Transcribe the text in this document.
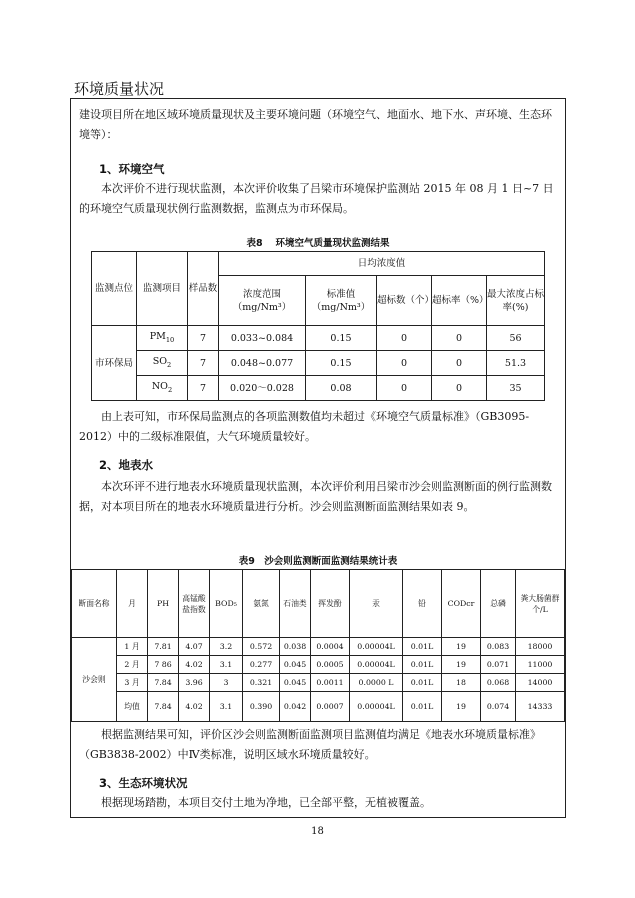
环境质量状况
建设项目所在地区域环境质量现状及主要环境问题（环境空气、地面水、地下水、声环境、生态环境等）：
1、环境空气
本次评价不进行现状监测，本次评价收集了吕梁市环境保护监测站 2015 年 08 月 1 日~7 日的环境空气质量现状例行监测数据，监测点为市环保局。
表8　 环境空气质量现状监测结果
监测点位	监测项目	样品数	日均浓度值				
			浓度范围（mg/Nm³）	标准值（mg/Nm³）	超标数（个）	超标率（%）	最大浓度占标率(%)
市环保局	$PM_{10}$	7	0.033~0.084	0.15	0	0	56
	$SO_2$	7	0.048~0.077	0.15	0	0	51.3
	$NO_2$	7	0.020～0.028	0.08	0	0	35
由上表可知，市环保局监测点的各项监测数值均未超过《环境空气质量标准》（GB3095-2012）中的二级标准限值，大气环境质量较好。
2、地表水
本次环评不进行地表水环境质量现状监测，本次评价利用吕梁市沙会则监测断面的例行监测数据，对本项目所在的地表水环境质量进行分析。沙会则监测断面监测结果如表 9。
表9　沙会则监测断面监测结果统计表
断面名称	月	PH	高锰酸盐指数	BOD₅	氨氮	石油类	挥发酚	汞	铅	CODcr	总磷	粪大肠菌群个/L
沙会则	1 月	7.81	4.07	3.2	0.572	0.038	0.0004	0.00004L	0.01L	19	0.083	18000
	2 月	7 86	4.02	3.1	0.277	0.045	0.0005	0.00004L	0.01L	19	0.071	11000
	3 月	7.84	3.96	3	0.321	0.045	0.0011	0.0000 L	0.01L	18	0.068	14000
	均值	7.84	4.02	3.1	0.390	0.042	0.0007	0.00004L	0.01L	19	0.074	14333
根据监测结果可知，评价区沙会则监测断面监测项目监测值均满足《地表水环境质量标准》（GB3838-2002）中Ⅳ类标准，说明区域水环境质量较好。
3、生态环境状况
根据现场踏勘，本项目交付土地为净地，已全部平整，无植被覆盖。
18
